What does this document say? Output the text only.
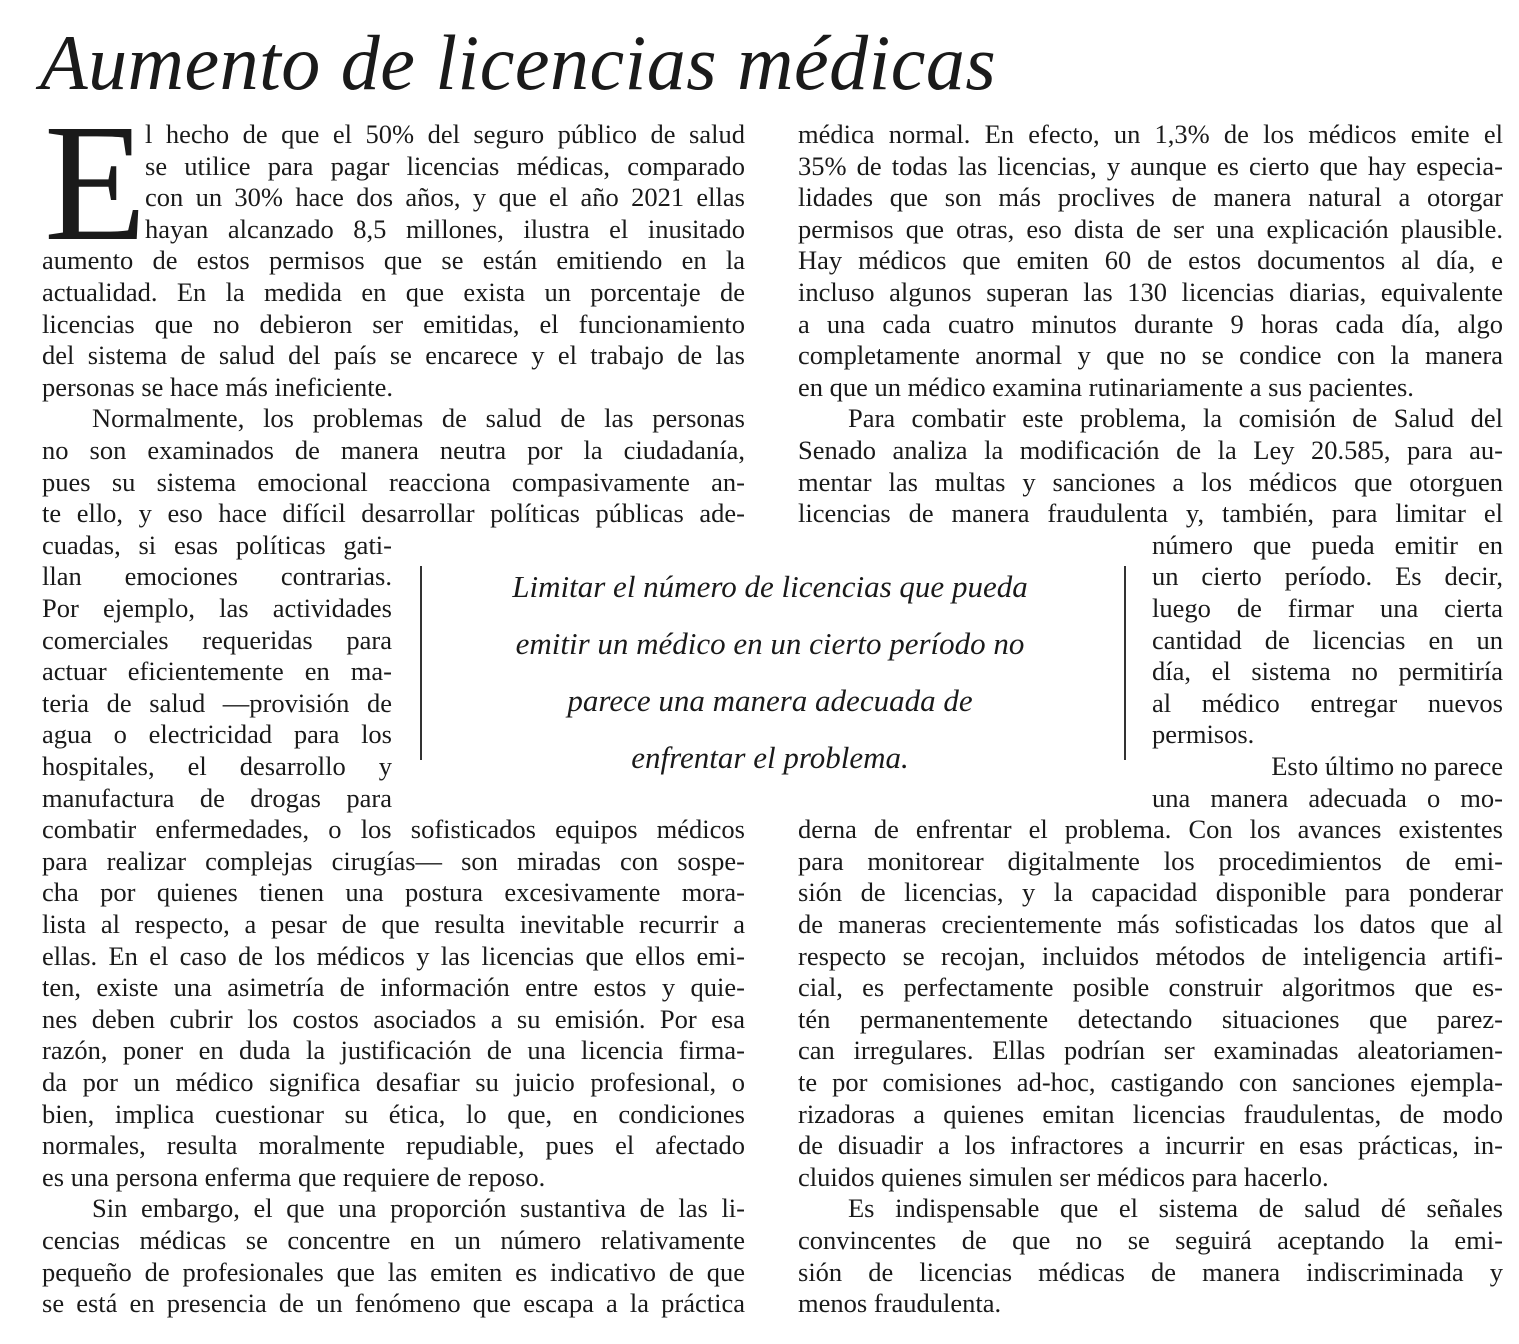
Aumento de licencias médicas
E
l hecho de que el 50% del seguro público de salud
se utilice para pagar licencias médicas, comparado
con un 30% hace dos años, y que el año 2021 ellas
hayan alcanzado 8,5 millones, ilustra el inusitado
aumento de estos permisos que se están emitiendo en la
actualidad. En la medida en que exista un porcentaje de
licencias que no debieron ser emitidas, el funcionamiento
del sistema de salud del país se encarece y el trabajo de las
personas se hace más ineficiente.
Normalmente, los problemas de salud de las personas
no son examinados de manera neutra por la ciudadanía,
pues su sistema emocional reacciona compasivamente an-
te ello, y eso hace difícil desarrollar políticas públicas ade-
cuadas, si esas políticas gati-
llan emociones contrarias.
Por ejemplo, las actividades
comerciales requeridas para
actuar eficientemente en ma-
teria de salud —provisión de
agua o electricidad para los
hospitales, el desarrollo y
manufactura de drogas para
combatir enfermedades, o los sofisticados equipos médicos
para realizar complejas cirugías— son miradas con sospe-
cha por quienes tienen una postura excesivamente mora-
lista al respecto, a pesar de que resulta inevitable recurrir a
ellas. En el caso de los médicos y las licencias que ellos emi-
ten, existe una asimetría de información entre estos y quie-
nes deben cubrir los costos asociados a su emisión. Por esa
razón, poner en duda la justificación de una licencia firma-
da por un médico significa desafiar su juicio profesional, o
bien, implica cuestionar su ética, lo que, en condiciones
normales, resulta moralmente repudiable, pues el afectado
es una persona enferma que requiere de reposo.
Sin embargo, el que una proporción sustantiva de las li-
cencias médicas se concentre en un número relativamente
pequeño de profesionales que las emiten es indicativo de que
se está en presencia de un fenómeno que escapa a la práctica
médica normal. En efecto, un 1,3% de los médicos emite el
35% de todas las licencias, y aunque es cierto que hay especia-
lidades que son más proclives de manera natural a otorgar
permisos que otras, eso dista de ser una explicación plausible.
Hay médicos que emiten 60 de estos documentos al día, e
incluso algunos superan las 130 licencias diarias, equivalente
a una cada cuatro minutos durante 9 horas cada día, algo
completamente anormal y que no se condice con la manera
en que un médico examina rutinariamente a sus pacientes.
Para combatir este problema, la comisión de Salud del
Senado analiza la modificación de la Ley 20.585, para au-
mentar las multas y sanciones a los médicos que otorguen
licencias de manera fraudulenta y, también, para limitar el
número que pueda emitir en
un cierto período. Es decir,
luego de firmar una cierta
cantidad de licencias en un
día, el sistema no permitiría
al médico entregar nuevos
permisos.
Esto último no parece
una manera adecuada o mo-
derna de enfrentar el problema. Con los avances existentes
para monitorear digitalmente los procedimientos de emi-
sión de licencias, y la capacidad disponible para ponderar
de maneras crecientemente más sofisticadas los datos que al
respecto se recojan, incluidos métodos de inteligencia artifi-
cial, es perfectamente posible construir algoritmos que es-
tén permanentemente detectando situaciones que parez-
can irregulares. Ellas podrían ser examinadas aleatoriamen-
te por comisiones ad-hoc, castigando con sanciones ejempla-
rizadoras a quienes emitan licencias fraudulentas, de modo
de disuadir a los infractores a incurrir en esas prácticas, in-
cluidos quienes simulen ser médicos para hacerlo.
Es indispensable que el sistema de salud dé señales
convincentes de que no se seguirá aceptando la emi-
sión de licencias médicas de manera indiscriminada y
menos fraudulenta.
Limitar el número de licencias que pueda
emitir un médico en un cierto período no
parece una manera adecuada de
enfrentar el problema.
